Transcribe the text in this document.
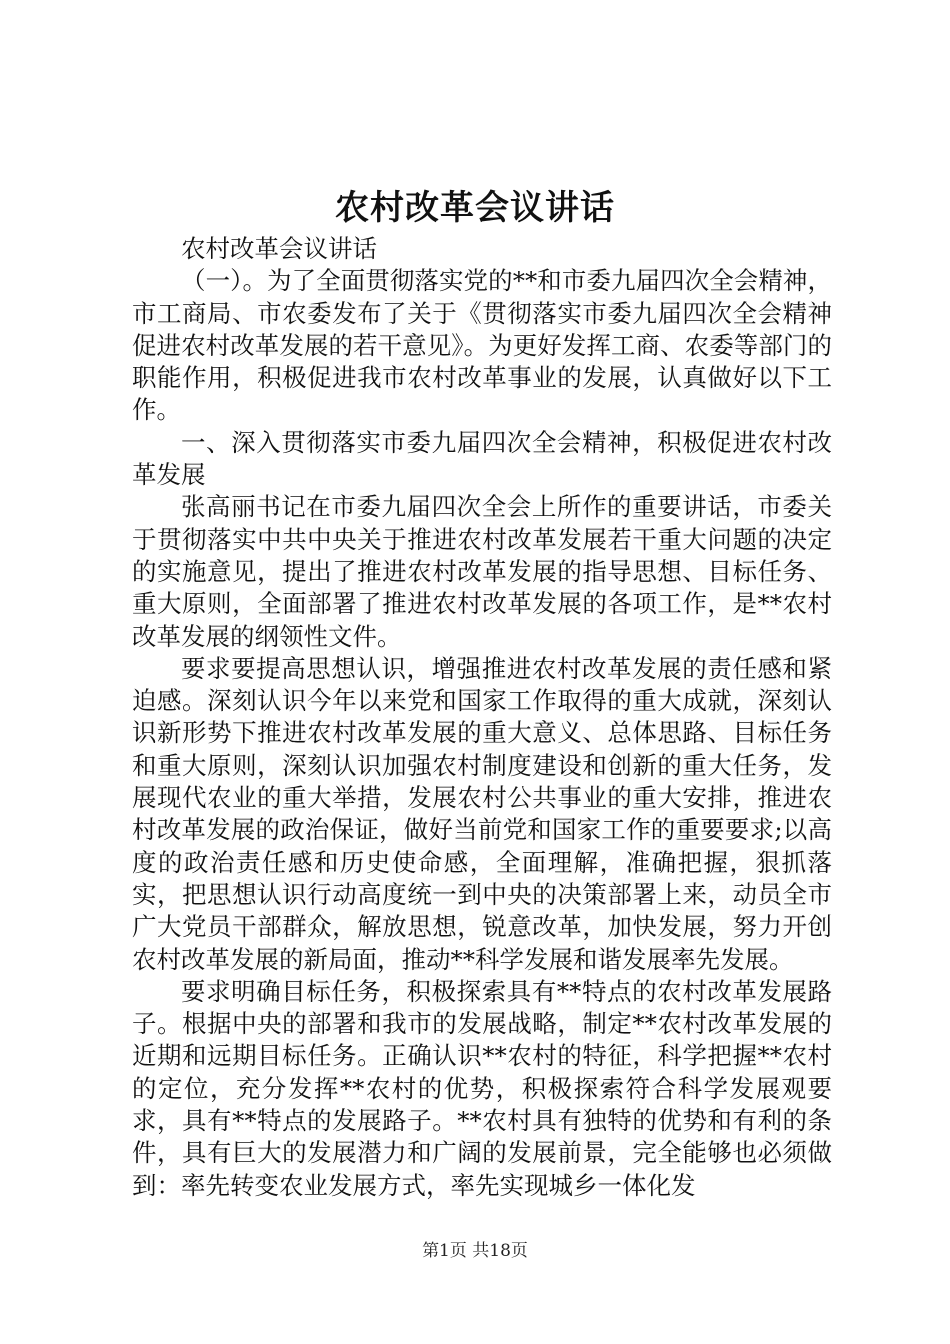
农村改革会议讲话

农村改革会议讲话

（一）。为了全面贯彻落实党的**和市委九届四次全会精神，市工商局、市农委发布了关于《贯彻落实市委九届四次全会精神促进农村改革发展的若干意见》。为更好发挥工商、农委等部门的职能作用，积极促进我市农村改革事业的发展，认真做好以下工作。

一、深入贯彻落实市委九届四次全会精神，积极促进农村改革发展

张高丽书记在市委九届四次全会上所作的重要讲话，市委关于贯彻落实中共中央关于推进农村改革发展若干重大问题的决定的实施意见，提出了推进农村改革发展的指导思想、目标任务、重大原则，全面部署了推进农村改革发展的各项工作，是**农村改革发展的纲领性文件。

要求要提高思想认识，增强推进农村改革发展的责任感和紧迫感。深刻认识今年以来党和国家工作取得的重大成就，深刻认识新形势下推进农村改革发展的重大意义、总体思路、目标任务和重大原则，深刻认识加强农村制度建设和创新的重大任务，发展现代农业的重大举措，发展农村公共事业的重大安排，推进农村改革发展的政治保证，做好当前党和国家工作的重要要求;以高度的政治责任感和历史使命感，全面理解，准确把握，狠抓落实，把思想认识行动高度统一到中央的决策部署上来，动员全市广大党员干部群众，解放思想，锐意改革，加快发展，努力开创农村改革发展的新局面，推动**科学发展和谐发展率先发展。

要求明确目标任务，积极探索具有**特点的农村改革发展路子。根据中央的部署和我市的发展战略，制定**农村改革发展的近期和远期目标任务。正确认识**农村的特征，科学把握**农村的定位，充分发挥**农村的优势，积极探索符合科学发展观要求，具有**特点的发展路子。**农村具有独特的优势和有利的条件，具有巨大的发展潜力和广阔的发展前景，完全能够也必须做到：率先转变农业发展方式，率先实现城乡一体化发

第1页 共18页
